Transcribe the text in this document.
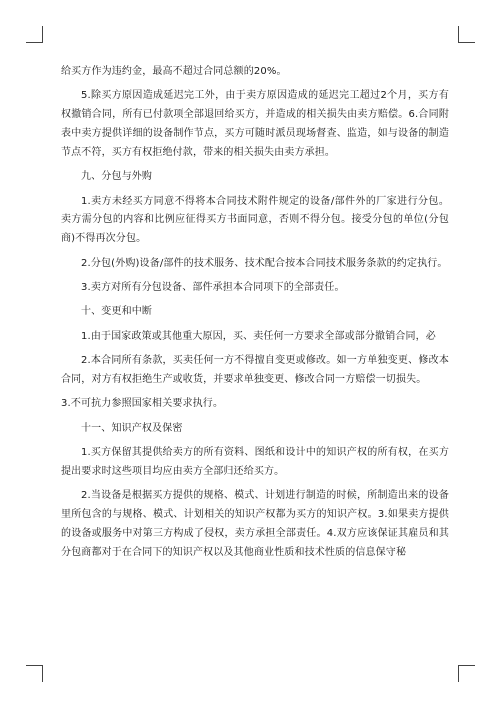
给买方作为违约金，最高不超过合同总额的20%。

5.除买方原因造成延迟完工外，由于卖方原因造成的延迟完工超过2个月，买方有权撤销合同，所有已付款项全部退回给买方，并造成的相关损失由卖方赔偿。6.合同附表中卖方提供详细的设备制作节点，买方可随时派员现场督查、监造，如与设备的制造节点不符，买方有权拒绝付款，带来的相关损失由卖方承担。

九、分包与外购

1.卖方未经买方同意不得将本合同技术附件规定的设备/部件外的厂家进行分包。卖方需分包的内容和比例应征得买方书面同意，否则不得分包。接受分包的单位(分包商)不得再次分包。

2.分包(外购)设备/部件的技术服务、技术配合按本合同技术服务条款的约定执行。

3.卖方对所有分包设备、部件承担本合同项下的全部责任。

十、变更和中断

1.由于国家政策或其他重大原因，买、卖任何一方要求全部或部分撤销合同，必

2.本合同所有条款，买卖任何一方不得擅自变更或修改。如一方单独变更、修改本合同，对方有权拒绝生产或收货，并要求单独变更、修改合同一方赔偿一切损失。

3.不可抗力参照国家相关要求执行。

十一、知识产权及保密

1.买方保留其提供给卖方的所有资料、图纸和设计中的知识产权的所有权，在买方提出要求时这些项目均应由卖方全部归还给买方。

2.当设备是根据买方提供的规格、模式、计划进行制造的时候，所制造出来的设备里所包含的与规格、模式、计划相关的知识产权都为买方的知识产权。3.如果卖方提供的设备或服务中对第三方构成了侵权，卖方承担全部责任。4.双方应该保证其雇员和其分包商都对于在合同下的知识产权以及其他商业性质和技术性质的信息保守秘
